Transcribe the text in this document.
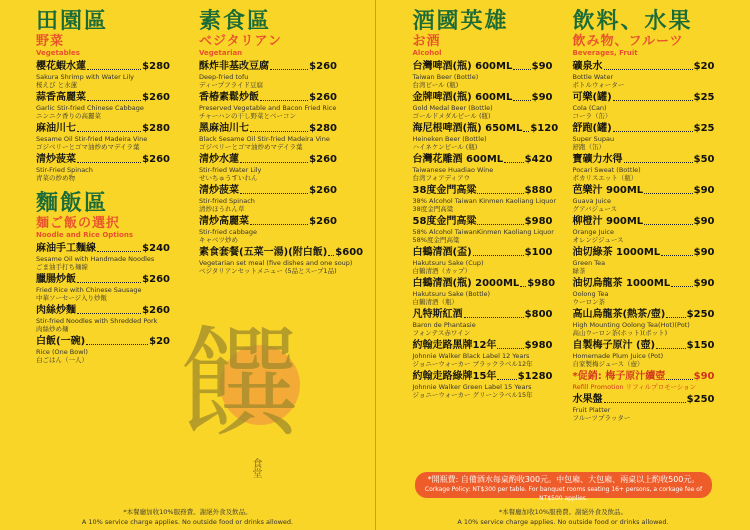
田園區
野菜
Vegetables
櫻花蝦水蓮	$280
Sakura Shrimp with Water Lily
桜えび と水蓮
蒜香高麗菜	$260
Garlic Stir-fried Chinese Cabbage
ニンニク香りの高麗菜
麻油川七	$280
Sesame Oil Stir-fried Madeira Vine
ゴジベリーとゴマ油炒めマデイラ葉
清炒菠菜	$260
Stir-Fried Spinach
青菜の炒め物
麵飯區
麺ご飯の選択
Noodle and Rice Options
麻油手工麵線	$240
Sesame Oil with Handmade Noodles
ごま油手打ち麺線
臘腸炒飯	$260
Fried Rice with Chinese Sausage
中華ソーセージ入り炒飯
肉絲炒麵	$260
Stir-fried Noodles with Shredded Pork
肉絲炒め麺
白飯(一碗)	$20
Rice (One Bowl)
白ごはん（一人）
素食區
ベジタリアン
Vegetarian
酥炸非基改豆腐	$260
Deep-fried tofu
ディープフライド豆腐
香椿素鬆炒飯	$260
Preserved Vegetable and Bacon Fried Rice
チャーハンの干し野菜とベーコン
黑麻油川七	$280
Black Sesame Oil Stir-fried Madeira Vine
ゴジベリーとゴマ油炒めマデイラ葉
清炒水蓮	$260
Stir-fried Water Lily
せいちゅうすいれん
清炒菠菜	$260
Stir-fried Spinach
清炒ほうれん草
清炒高麗菜	$260
Stir-fried cabbage
キャベツ炒め
素食套餐(五菜一湯)(附白飯) $600
Vegetarian set meal (five dishes and one soup)
ベジタリアンセットメニュー (5品とスープ1品)
饌
食堂
*本餐廳加收10%服務費。謝絕外食及飲品。
A 10% service charge applies. No outside food or drinks allowed.
酒國英雄
お酒
Alcohol
台灣啤酒(瓶) 600ML $90
Taiwan Beer (Bottle)
台湾ビール (瓶)
金牌啤酒(瓶) 600ML $90
Gold Medal Beer (Bottle)
ゴールドメダルビール (瓶)
海尼根啤酒(瓶) 650ML $120
Heineken Beer (Bottle)
ハイネケンビール (瓶)
台灣花雕酒 600ML $420
Taiwanese Huadiao Wine
台湾フォアディアウ
38度金門高粱	$880
38% Alcohol Taiwan Kinmen Kaoliang Liquor
38度金門高粱
58度金門高粱	$980
58% Alcohol TaiwanKinmen Kaoliang Liquor
58%度金門高粱
白鶴清酒(盃)	$100
Hakutsuru Sake (Cup)
白鶴清酒（カップ）
白鶴清酒(瓶) 2000ML $980
Hakutsuru Sake (Bottle)
白鶴清酒（瓶）
凡特斯紅酒	$800
Baron de Phantasie
フォンテス赤ワイン
約翰走路黑牌12年	$980
Johnnie Walker Black Label 12 Years
ジョニーウォーカー ブラックラベル12年
約翰走路綠牌15年 $1280
Johnnie Walker Green Label 15 Years
ジョニーウォーカー グリーンラベル15年
飲料、水果
飲み物、フルーツ
Beverages, Fruit
礦泉水	$20
Bottle Water
ボトルウォーター
可樂(罐)	$25
Cola (Can)
コーラ（缶）
舒跑(罐)	$25
Super Supau
舒跑（缶）
寶礦力水得	$50
Pocari Sweat (Bottle)
ポカリスエット（瓶）
芭樂汁 900ML	$90
Guava Juice
グアバジュース
柳橙汁 900ML	$90
Orange Juice
オレンジジュース
油切綠茶 1000ML	$90
Green Tea
緑茶
油切烏龍茶 1000ML $90
Oolong Tea
ウーロン茶
高山烏龍茶(熱茶/壺) $250
High Mounting Oolong Tea(Hot)(Pot)
高山ウーロン茶(ホット)(ポット)
自製梅子原汁 (壺)	$150
Homemade Plum Juice (Pot)
自家製梅ジュース（壺）
*促銷: 梅子原汁續壺	$90
Refill Promotion リフィルプロモーション
水果盤	$250
Fruit Platter
フルーツプラッター
*本餐廳加收10%服務費。謝絕外食及飲品。
A 10% service charge applies. No outside food or drinks allowed.
*開瓶費: 自備酒水每桌酌收300元。中包廂、大包廂、兩桌以上酌收500元。
Corkage Policy: NT$300 per table. For banquet rooms seating 16+ persons, a corkage fee of NT$500 applies.
